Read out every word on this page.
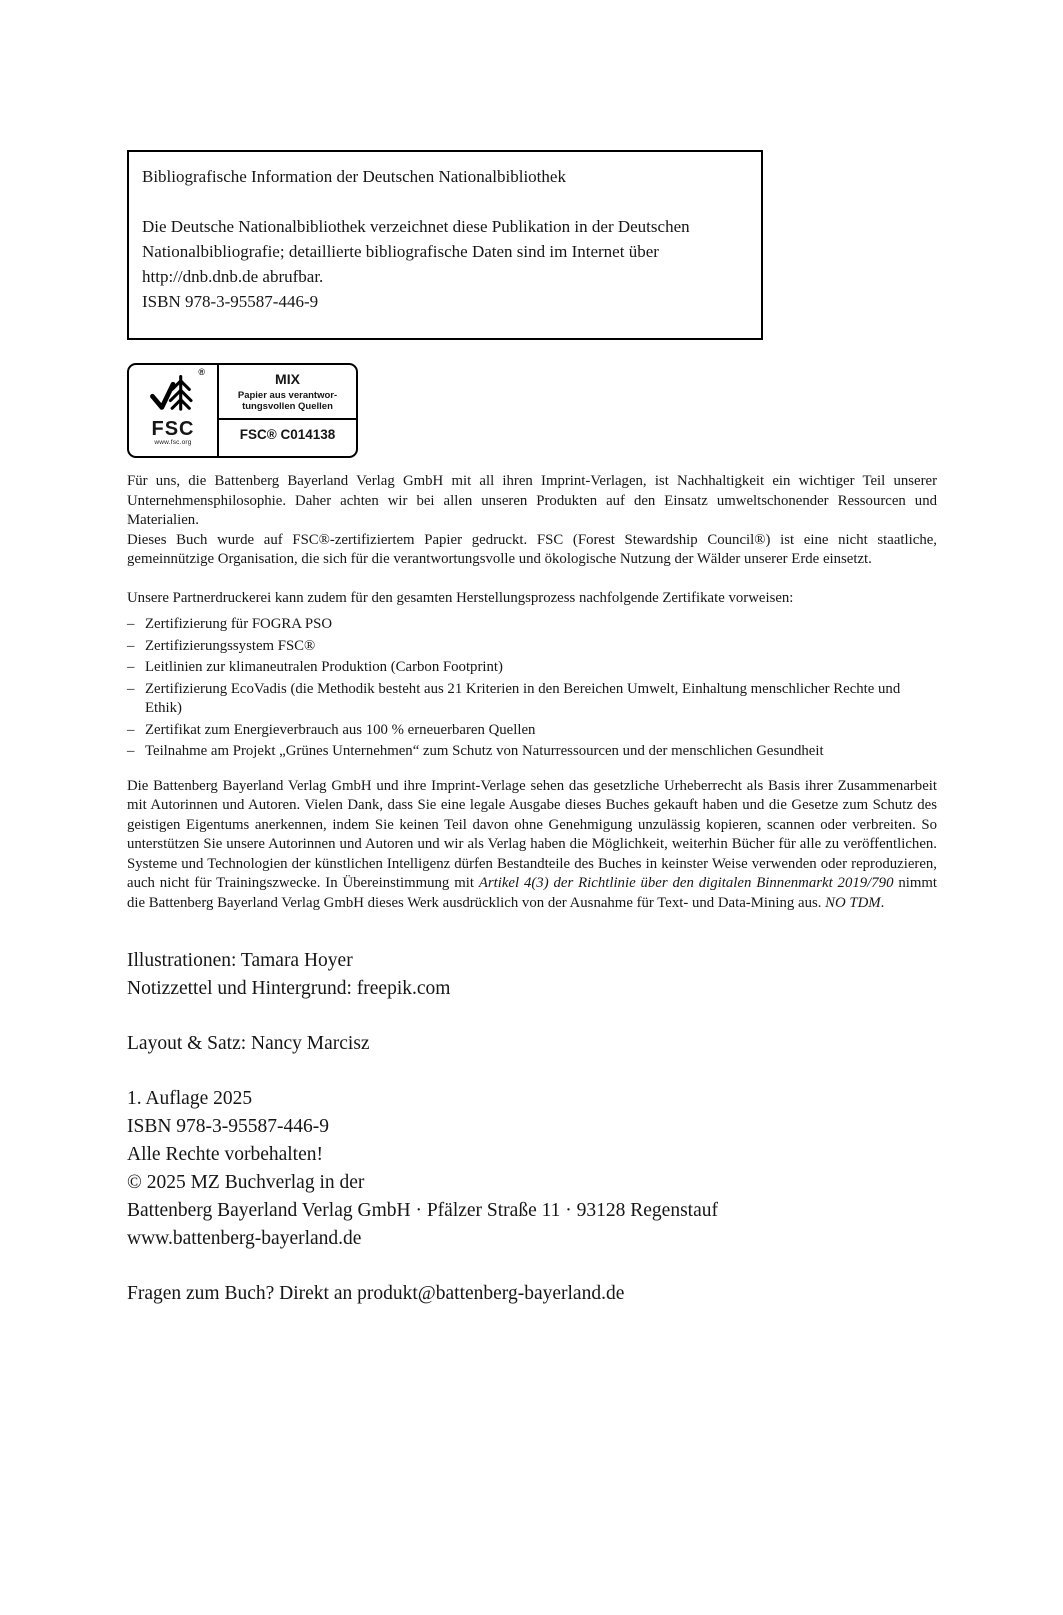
Bibliografische Information der Deutschen Nationalbibliothek
Die Deutsche Nationalbibliothek verzeichnet diese Publikation in der Deutschen Nationalbibliografie; detaillierte bibliografische Daten sind im Internet über http://dnb.dnb.de abrufbar.
ISBN 978-3-95587-446-9
®
FSC
www.fsc.org
MIX
Papier aus verantwor-
tungsvollen Quellen
FSC® C014138
Für uns, die Battenberg Bayerland Verlag GmbH mit all ihren Imprint-Verlagen, ist Nachhaltigkeit ein wichtiger Teil unserer Unternehmensphilosophie. Daher achten wir bei allen unseren Produkten auf den Einsatz umweltschonender Ressourcen und Materialien.
Dieses Buch wurde auf FSC®-zertifiziertem Papier gedruckt. FSC (Forest Stewardship Council®) ist eine nicht staatliche, gemeinnützige Organisation, die sich für die verantwortungsvolle und ökologische Nutzung der Wälder unserer Erde einsetzt.
Unsere Partnerdruckerei kann zudem für den gesamten Herstellungsprozess nachfolgende Zertifikate vorweisen:
– Zertifizierung für FOGRA PSO
– Zertifizierungssystem FSC®
– Leitlinien zur klimaneutralen Produktion (Carbon Footprint)
– Zertifizierung EcoVadis (die Methodik besteht aus 21 Kriterien in den Bereichen Umwelt, Einhaltung menschlicher Rechte und Ethik)
– Zertifikat zum Energieverbrauch aus 100 % erneuerbaren Quellen
– Teilnahme am Projekt „Grünes Unternehmen“ zum Schutz von Naturressourcen und der menschlichen Gesundheit
Die Battenberg Bayerland Verlag GmbH und ihre Imprint-Verlage sehen das gesetzliche Urheberrecht als Basis ihrer Zusammenarbeit mit Autorinnen und Autoren. Vielen Dank, dass Sie eine legale Ausgabe dieses Buches gekauft haben und die Gesetze zum Schutz des geistigen Eigentums anerkennen, indem Sie keinen Teil davon ohne Genehmigung unzulässig kopieren, scannen oder verbreiten. So unterstützen Sie unsere Autorinnen und Autoren und wir als Verlag haben die Möglichkeit, weiterhin Bücher für alle zu veröffentlichen. Systeme und Technologien der künstlichen Intelligenz dürfen Bestandteile des Buches in keinster Weise verwenden oder reproduzieren, auch nicht für Trainingszwecke. In Übereinstimmung mit Artikel 4(3) der Richtlinie über den digitalen Binnenmarkt 2019/790 nimmt die Battenberg Bayerland Verlag GmbH dieses Werk ausdrücklich von der Ausnahme für Text- und Data-Mining aus. NO TDM.
Illustrationen: Tamara Hoyer
Notizzettel und Hintergrund: freepik.com
Layout & Satz: Nancy Marcisz
1. Auflage 2025
ISBN 978-3-95587-446-9
Alle Rechte vorbehalten!
© 2025 MZ Buchverlag in der
Battenberg Bayerland Verlag GmbH · Pfälzer Straße 11 · 93128 Regenstauf
www.battenberg-bayerland.de
Fragen zum Buch? Direkt an produkt@battenberg-bayerland.de
